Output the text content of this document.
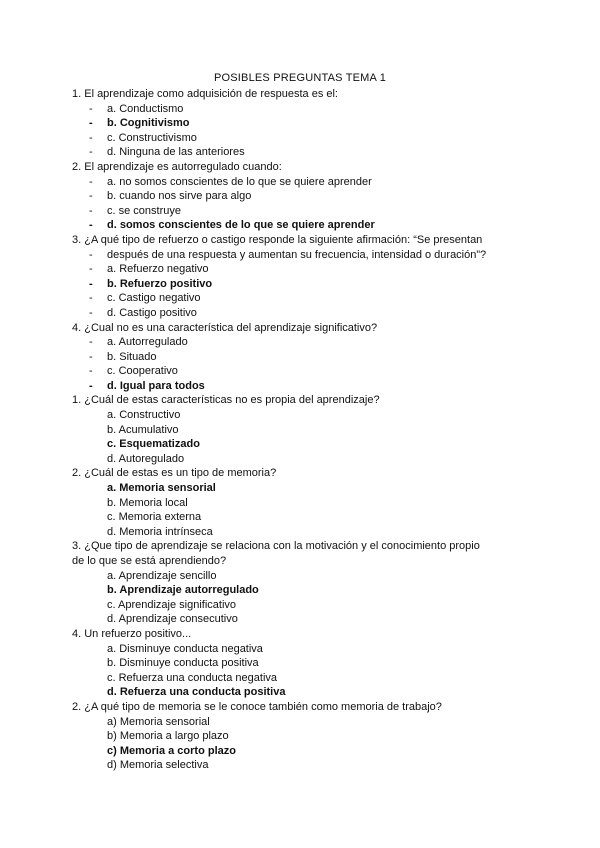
POSIBLES PREGUNTAS TEMA 1
1. El aprendizaje como adquisición de respuesta es el:
- a. Conductismo
- b. Cognitivismo
- c. Constructivismo
- d. Ninguna de las anteriores
2. El aprendizaje es autorregulado cuando:
- a. no somos conscientes de lo que se quiere aprender
- b. cuando nos sirve para algo
- c. se construye
- d. somos conscientes de lo que se quiere aprender
3. ¿A qué tipo de refuerzo o castigo responde la siguiente afirmación: “Se presentan
- después de una respuesta y aumentan su frecuencia, intensidad o duración”?
- a. Refuerzo negativo
- b. Refuerzo positivo
- c. Castigo negativo
- d. Castigo positivo
4. ¿Cual no es una característica del aprendizaje significativo?
- a. Autorregulado
- b. Situado
- c. Cooperativo
- d. Igual para todos
1. ¿Cuál de estas características no es propia del aprendizaje?
a. Constructivo
b. Acumulativo
c. Esquematizado
d. Autoregulado
2. ¿Cuál de estas es un tipo de memoria?
a. Memoria sensorial
b. Memoria local
c. Memoria externa
d. Memoria intrínseca
3. ¿Que tipo de aprendizaje se relaciona con la motivación y el conocimiento propio
de lo que se está aprendiendo?
a. Aprendizaje sencillo
b. Aprendizaje autorregulado
c. Aprendizaje significativo
d. Aprendizaje consecutivo
4. Un refuerzo positivo...
a. Disminuye conducta negativa
b. Disminuye conducta positiva
c. Refuerza una conducta negativa
d. Refuerza una conducta positiva
2. ¿A qué tipo de memoria se le conoce también como memoria de trabajo?
a) Memoria sensorial
b) Memoria a largo plazo
c) Memoria a corto plazo
d) Memoria selectiva
